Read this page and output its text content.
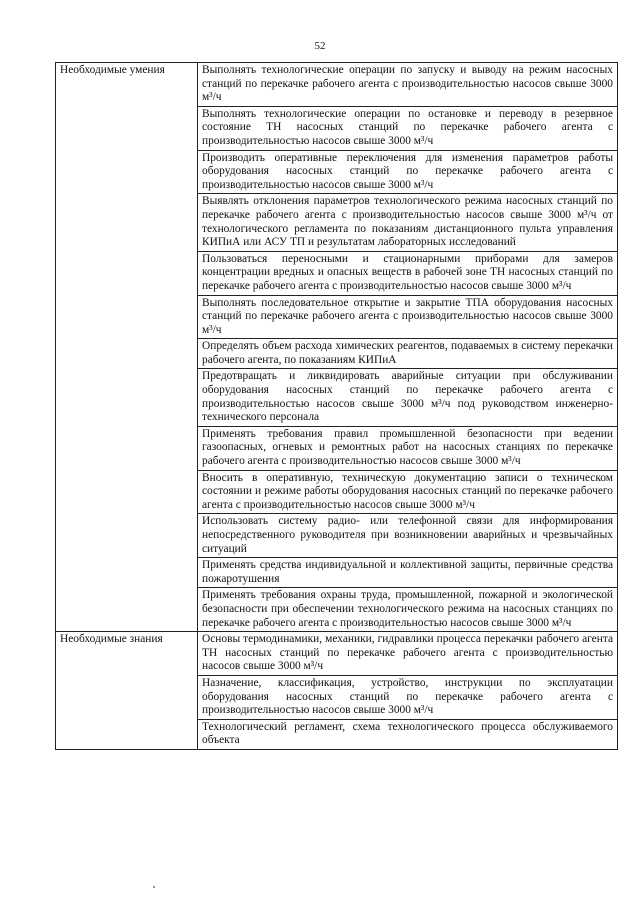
52
Необходимые умения	Выполнять технологические операции по запуску и выводу на режим насосных станций по перекачке рабочего агента с производительностью насосов свыше 3000 м³/ч
	Выполнять технологические операции по остановке и переводу в резервное состояние ТН насосных станций по перекачке рабочего агента с производительностью насосов свыше 3000 м³/ч
	Производить оперативные переключения для изменения параметров работы оборудования насосных станций по перекачке рабочего агента с производительностью насосов свыше 3000 м³/ч
	Выявлять отклонения параметров технологического режима насосных станций по перекачке рабочего агента с производительностью насосов свыше 3000 м³/ч от технологического регламента по показаниям дистанционного пульта управления КИПиА или АСУ ТП и результатам лабораторных исследований
	Пользоваться переносными и стационарными приборами для замеров концентрации вредных и опасных веществ в рабочей зоне ТН насосных станций по перекачке рабочего агента с производительностью насосов свыше 3000 м³/ч
	Выполнять последовательное открытие и закрытие ТПА оборудования насосных станций по перекачке рабочего агента с производительностью насосов свыше 3000 м³/ч
	Определять объем расхода химических реагентов, подаваемых в систему перекачки рабочего агента, по показаниям КИПиА
	Предотвращать и ликвидировать аварийные ситуации при обслуживании оборудования насосных станций по перекачке рабочего агента с производительностью насосов свыше 3000 м³/ч под руководством инженерно-технического персонала
	Применять требования правил промышленной безопасности при ведении газоопасных, огневых и ремонтных работ на насосных станциях по перекачке рабочего агента с производительностью насосов свыше 3000 м³/ч
	Вносить в оперативную, техническую документацию записи о техническом состоянии и режиме работы оборудования насосных станций по перекачке рабочего агента с производительностью насосов свыше 3000 м³/ч
	Использовать систему радио- или телефонной связи для информирования непосредственного руководителя при возникновении аварийных и чрезвычайных ситуаций
	Применять средства индивидуальной и коллективной защиты, первичные средства пожаротушения
	Применять требования охраны труда, промышленной, пожарной и экологической безопасности при обеспечении технологического режима на насосных станциях по перекачке рабочего агента с производительностью насосов свыше 3000 м³/ч
Необходимые знания	Основы термодинамики, механики, гидравлики процесса перекачки рабочего агента ТН насосных станций по перекачке рабочего агента с производительностью насосов свыше 3000 м³/ч
	Назначение, классификация, устройство, инструкции по эксплуатации оборудования насосных станций по перекачке рабочего агента с производительностью насосов свыше 3000 м³/ч
	Технологический регламент, схема технологического процесса обслуживаемого объекта
